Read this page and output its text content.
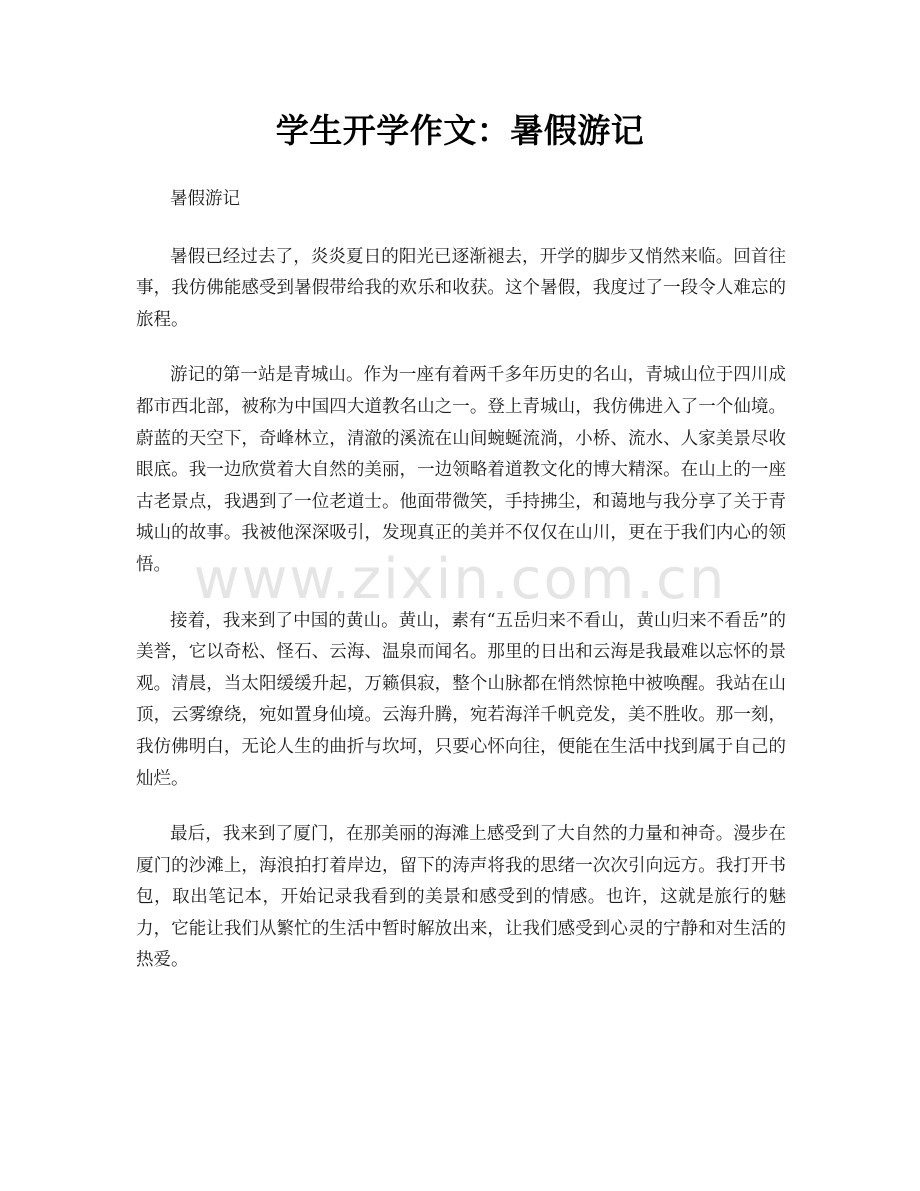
学生开学作文：暑假游记

暑假游记

暑假已经过去了，炎炎夏日的阳光已逐渐褪去，开学的脚步又悄然来临。回首往事，我仿佛能感受到暑假带给我的欢乐和收获。这个暑假，我度过了一段令人难忘的旅程。

游记的第一站是青城山。作为一座有着两千多年历史的名山，青城山位于四川成都市西北部，被称为中国四大道教名山之一。登上青城山，我仿佛进入了一个仙境。蔚蓝的天空下，奇峰林立，清澈的溪流在山间蜿蜒流淌，小桥、流水、人家美景尽收眼底。我一边欣赏着大自然的美丽，一边领略着道教文化的博大精深。在山上的一座古老景点，我遇到了一位老道士。他面带微笑，手持拂尘，和蔼地与我分享了关于青城山的故事。我被他深深吸引，发现真正的美并不仅仅在山川，更在于我们内心的领悟。

接着，我来到了中国的黄山。黄山，素有“五岳归来不看山，黄山归来不看岳”的美誉，它以奇松、怪石、云海、温泉而闻名。那里的日出和云海是我最难以忘怀的景观。清晨，当太阳缓缓升起，万籁俱寂，整个山脉都在悄然惊艳中被唤醒。我站在山顶，云雾缭绕，宛如置身仙境。云海升腾，宛若海洋千帆竞发，美不胜收。那一刻，我仿佛明白，无论人生的曲折与坎坷，只要心怀向往，便能在生活中找到属于自己的灿烂。

最后，我来到了厦门，在那美丽的海滩上感受到了大自然的力量和神奇。漫步在厦门的沙滩上，海浪拍打着岸边，留下的涛声将我的思绪一次次引向远方。我打开书包，取出笔记本，开始记录我看到的美景和感受到的情感。也许，这就是旅行的魅力，它能让我们从繁忙的生活中暂时解放出来，让我们感受到心灵的宁静和对生活的热爱。

www.zixin.com.cn
